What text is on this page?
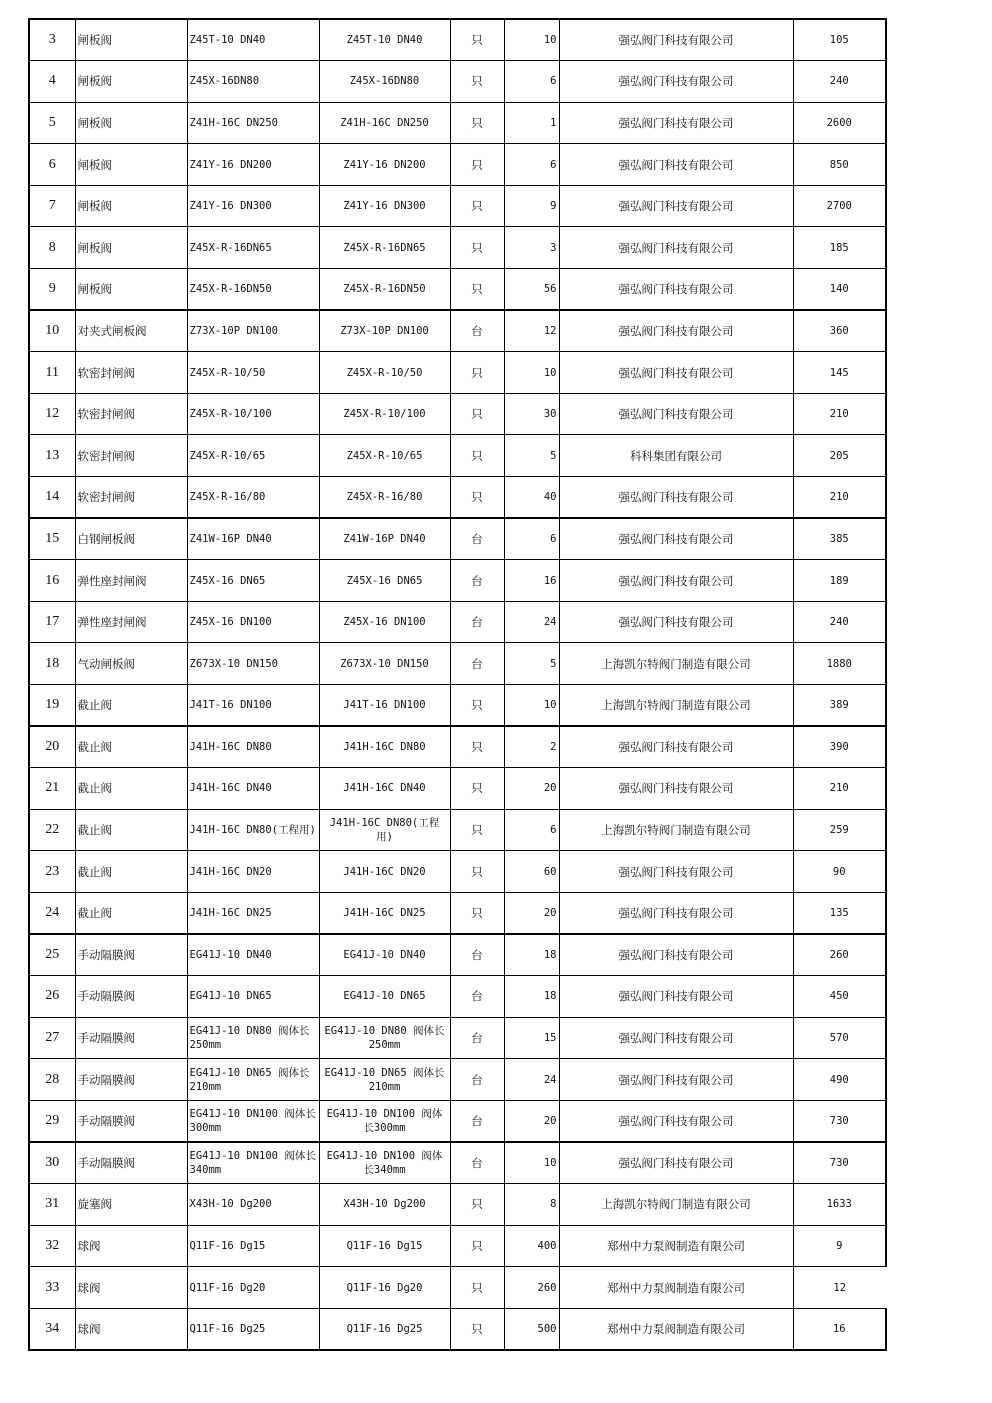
3	闸板阀	Z45T-10 DN40	Z45T-10 DN40	只	10	强弘阀门科技有限公司	105
4	闸板阀	Z45X-16DN80	Z45X-16DN80	只	6	强弘阀门科技有限公司	240
5	闸板阀	Z41H-16C DN250	Z41H-16C DN250	只	1	强弘阀门科技有限公司	2600
6	闸板阀	Z41Y-16 DN200	Z41Y-16 DN200	只	6	强弘阀门科技有限公司	850
7	闸板阀	Z41Y-16 DN300	Z41Y-16 DN300	只	9	强弘阀门科技有限公司	2700
8	闸板阀	Z45X-R-16DN65	Z45X-R-16DN65	只	3	强弘阀门科技有限公司	185
9	闸板阀	Z45X-R-16DN50	Z45X-R-16DN50	只	56	强弘阀门科技有限公司	140
10	对夹式闸板阀	Z73X-10P DN100	Z73X-10P DN100	台	12	强弘阀门科技有限公司	360
11	软密封闸阀	Z45X-R-10/50	Z45X-R-10/50	只	10	强弘阀门科技有限公司	145
12	软密封闸阀	Z45X-R-10/100	Z45X-R-10/100	只	30	强弘阀门科技有限公司	210
13	软密封闸阀	Z45X-R-10/65	Z45X-R-10/65	只	5	科科集团有限公司	205
14	软密封闸阀	Z45X-R-16/80	Z45X-R-16/80	只	40	强弘阀门科技有限公司	210
15	白钢闸板阀	Z41W-16P DN40	Z41W-16P DN40	台	6	强弘阀门科技有限公司	385
16	弹性座封闸阀	Z45X-16 DN65	Z45X-16 DN65	台	16	强弘阀门科技有限公司	189
17	弹性座封闸阀	Z45X-16 DN100	Z45X-16 DN100	台	24	强弘阀门科技有限公司	240
18	气动闸板阀	Z673X-10 DN150	Z673X-10 DN150	台	5	上海凯尔特阀门制造有限公司	1880
19	截止阀	J41T-16 DN100	J41T-16 DN100	只	10	上海凯尔特阀门制造有限公司	389
20	截止阀	J41H-16C DN80	J41H-16C DN80	只	2	强弘阀门科技有限公司	390
21	截止阀	J41H-16C DN40	J41H-16C DN40	只	20	强弘阀门科技有限公司	210
22	截止阀	J41H-16C DN80(工程用)	J41H-16C DN80(工程用)	只	6	上海凯尔特阀门制造有限公司	259
23	截止阀	J41H-16C DN20	J41H-16C DN20	只	60	强弘阀门科技有限公司	90
24	截止阀	J41H-16C DN25	J41H-16C DN25	只	20	强弘阀门科技有限公司	135
25	手动隔膜阀	EG41J-10 DN40	EG41J-10 DN40	台	18	强弘阀门科技有限公司	260
26	手动隔膜阀	EG41J-10 DN65	EG41J-10 DN65	台	18	强弘阀门科技有限公司	450
27	手动隔膜阀	EG41J-10 DN80 阀体长250mm	EG41J-10 DN80 阀体长250mm	台	15	强弘阀门科技有限公司	570
28	手动隔膜阀	EG41J-10 DN65 阀体长210mm	EG41J-10 DN65 阀体长210mm	台	24	强弘阀门科技有限公司	490
29	手动隔膜阀	EG41J-10 DN100 阀体长300mm	EG41J-10 DN100 阀体长300mm	台	20	强弘阀门科技有限公司	730
30	手动隔膜阀	EG41J-10 DN100 阀体长340mm	EG41J-10 DN100 阀体长340mm	台	10	强弘阀门科技有限公司	730
31	旋塞阀	X43H-10 Dg200	X43H-10 Dg200	只	8	上海凯尔特阀门制造有限公司	1633
32	球阀	Q11F-16 Dg15	Q11F-16 Dg15	只	400	郑州中力泵阀制造有限公司	9
33	球阀	Q11F-16 Dg20	Q11F-16 Dg20	只	260	郑州中力泵阀制造有限公司	12
34	球阀	Q11F-16 Dg25	Q11F-16 Dg25	只	500	郑州中力泵阀制造有限公司	16
